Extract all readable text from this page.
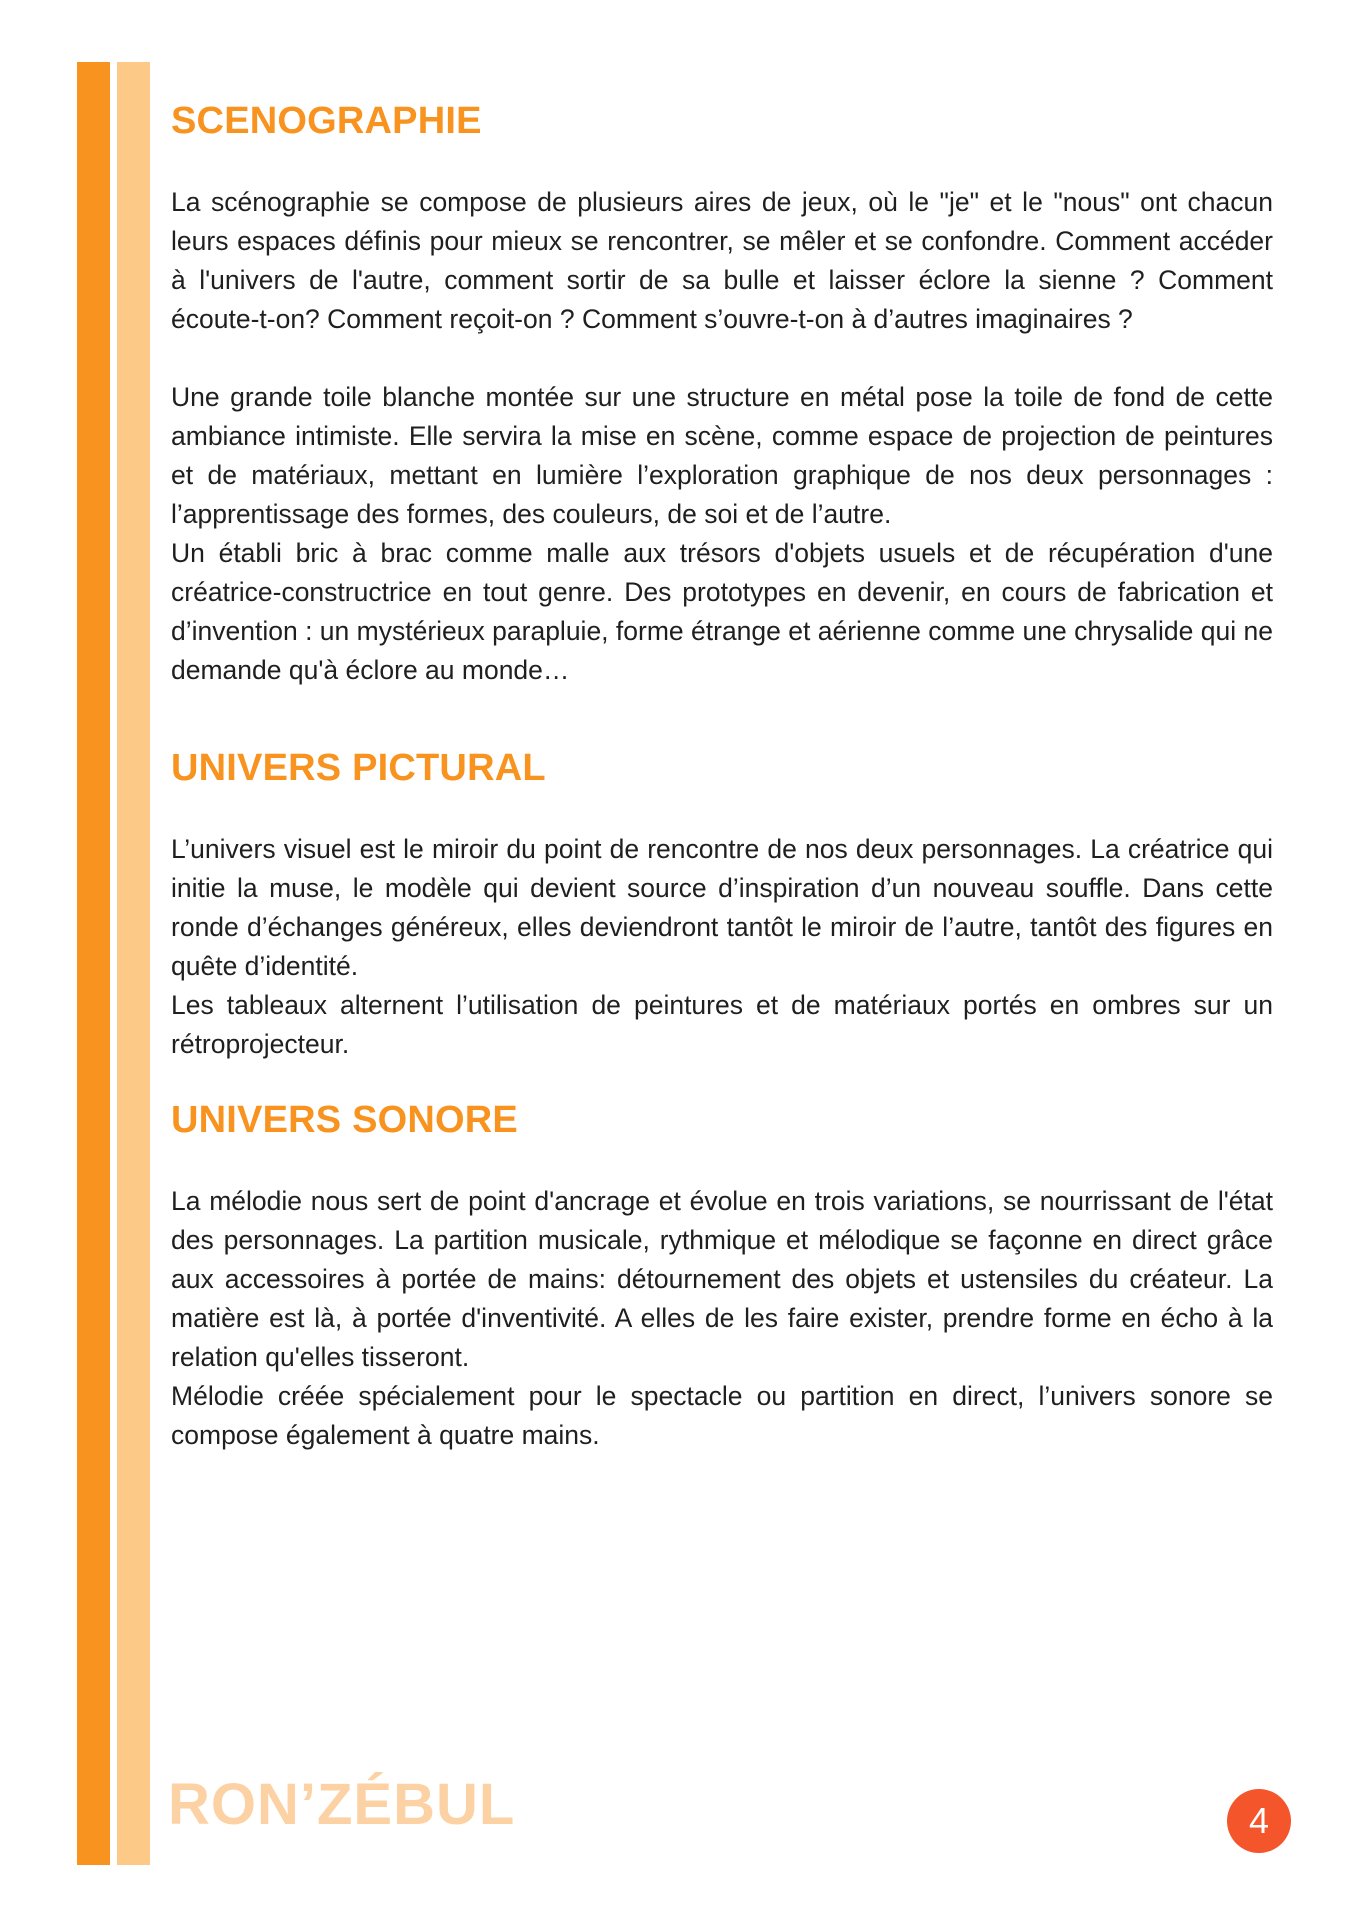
SCENOGRAPHIE

La scénographie se compose de plusieurs aires de jeux, où le "je" et le "nous" ont chacun leurs espaces définis pour mieux se rencontrer, se mêler et se confondre. Comment accéder à l'univers de l'autre, comment sortir de sa bulle et laisser éclore la sienne ? Comment écoute-t-on? Comment reçoit-on ? Comment s’ouvre-t-on à d’autres imaginaires ?

Une grande toile blanche montée sur une structure en métal pose la toile de fond de cette ambiance intimiste. Elle servira la mise en scène, comme espace de projection de peintures et de matériaux, mettant en lumière l’exploration graphique de nos deux personnages : l’apprentissage des formes, des couleurs, de soi et de l’autre.

Un établi bric à brac comme malle aux trésors d'objets usuels et de récupération d'une créatrice-constructrice en tout genre. Des prototypes en devenir, en cours de fabrication et d’invention : un mystérieux parapluie, forme étrange et aérienne comme une chrysalide qui ne demande qu'à éclore au monde…

UNIVERS PICTURAL

L’univers visuel est le miroir du point de rencontre de nos deux personnages. La créatrice qui initie la muse, le modèle qui devient source d’inspiration d’un nouveau souffle. Dans cette ronde d’échanges généreux, elles deviendront tantôt le miroir de l’autre, tantôt des figures en quête d’identité.

Les tableaux alternent l’utilisation de peintures et de matériaux portés en ombres sur un rétroprojecteur.

UNIVERS SONORE

La mélodie nous sert de point d'ancrage et évolue en trois variations, se nourrissant de l'état des personnages. La partition musicale, rythmique et mélodique se façonne en direct grâce aux accessoires à portée de mains: détournement des objets et ustensiles du créateur. La matière est là, à portée d'inventivité. A elles de les faire exister, prendre forme en écho à la relation qu'elles tisseront.

Mélodie créée spécialement pour le spectacle ou partition en direct, l’univers sonore se compose également à quatre mains.

RON’ZÉBUL	4
